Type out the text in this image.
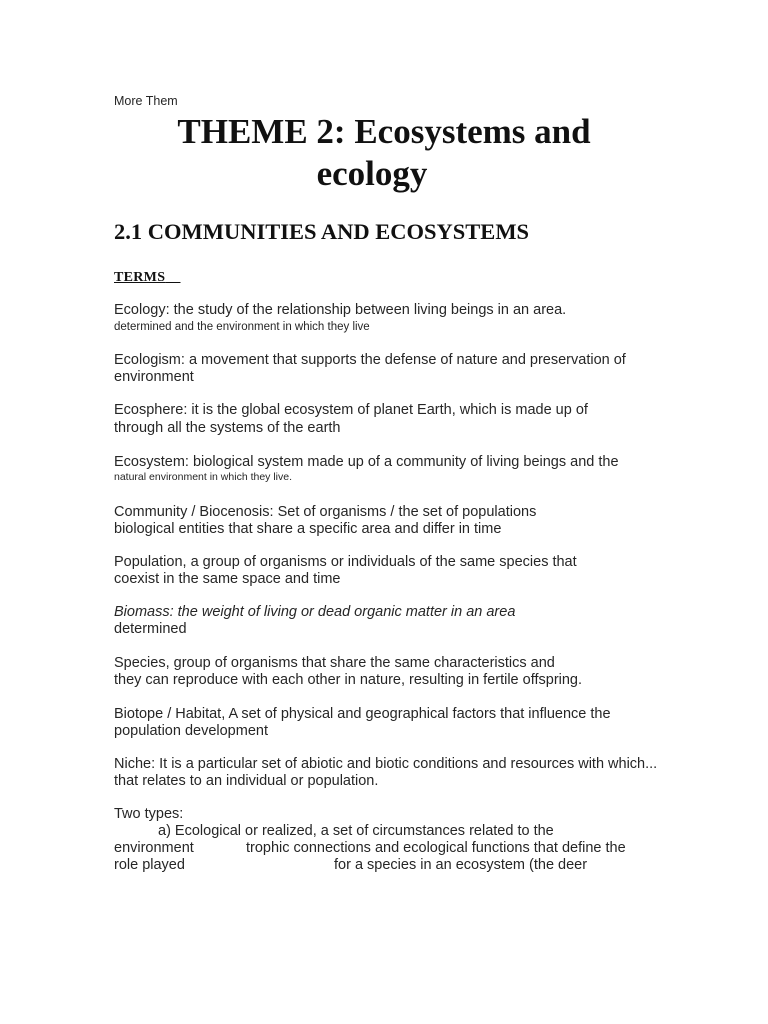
More Them
THEME 2: Ecosystems and
ecology
2.1 COMMUNITIES AND ECOSYSTEMS
TERMS
Ecology: the study of the relationship between living beings in an area.
determined and the environment in which they live
Ecologism: a movement that supports the defense of nature and preservation of
environment
Ecosphere: it is the global ecosystem of planet Earth, which is made up of
through all the systems of the earth
Ecosystem: biological system made up of a community of living beings and the
natural environment in which they live.
Community / Biocenosis: Set of organisms / the set of populations
biological entities that share a specific area and differ in time
Population, a group of organisms or individuals of the same species that
coexist in the same space and time
Biomass: the weight of living or dead organic matter in an area
determined
Species, group of organisms that share the same characteristics and
they can reproduce with each other in nature, resulting in fertile offspring.
Biotope / Habitat, A set of physical and geographical factors that influence the
population development
Niche: It is a particular set of abiotic and biotic conditions and resources with which...
that relates to an individual or population.
Two types:
a) Ecological or realized, a set of circumstances related to the
environment	trophic connections and ecological functions that define the
role played	for a species in an ecosystem (the deer
